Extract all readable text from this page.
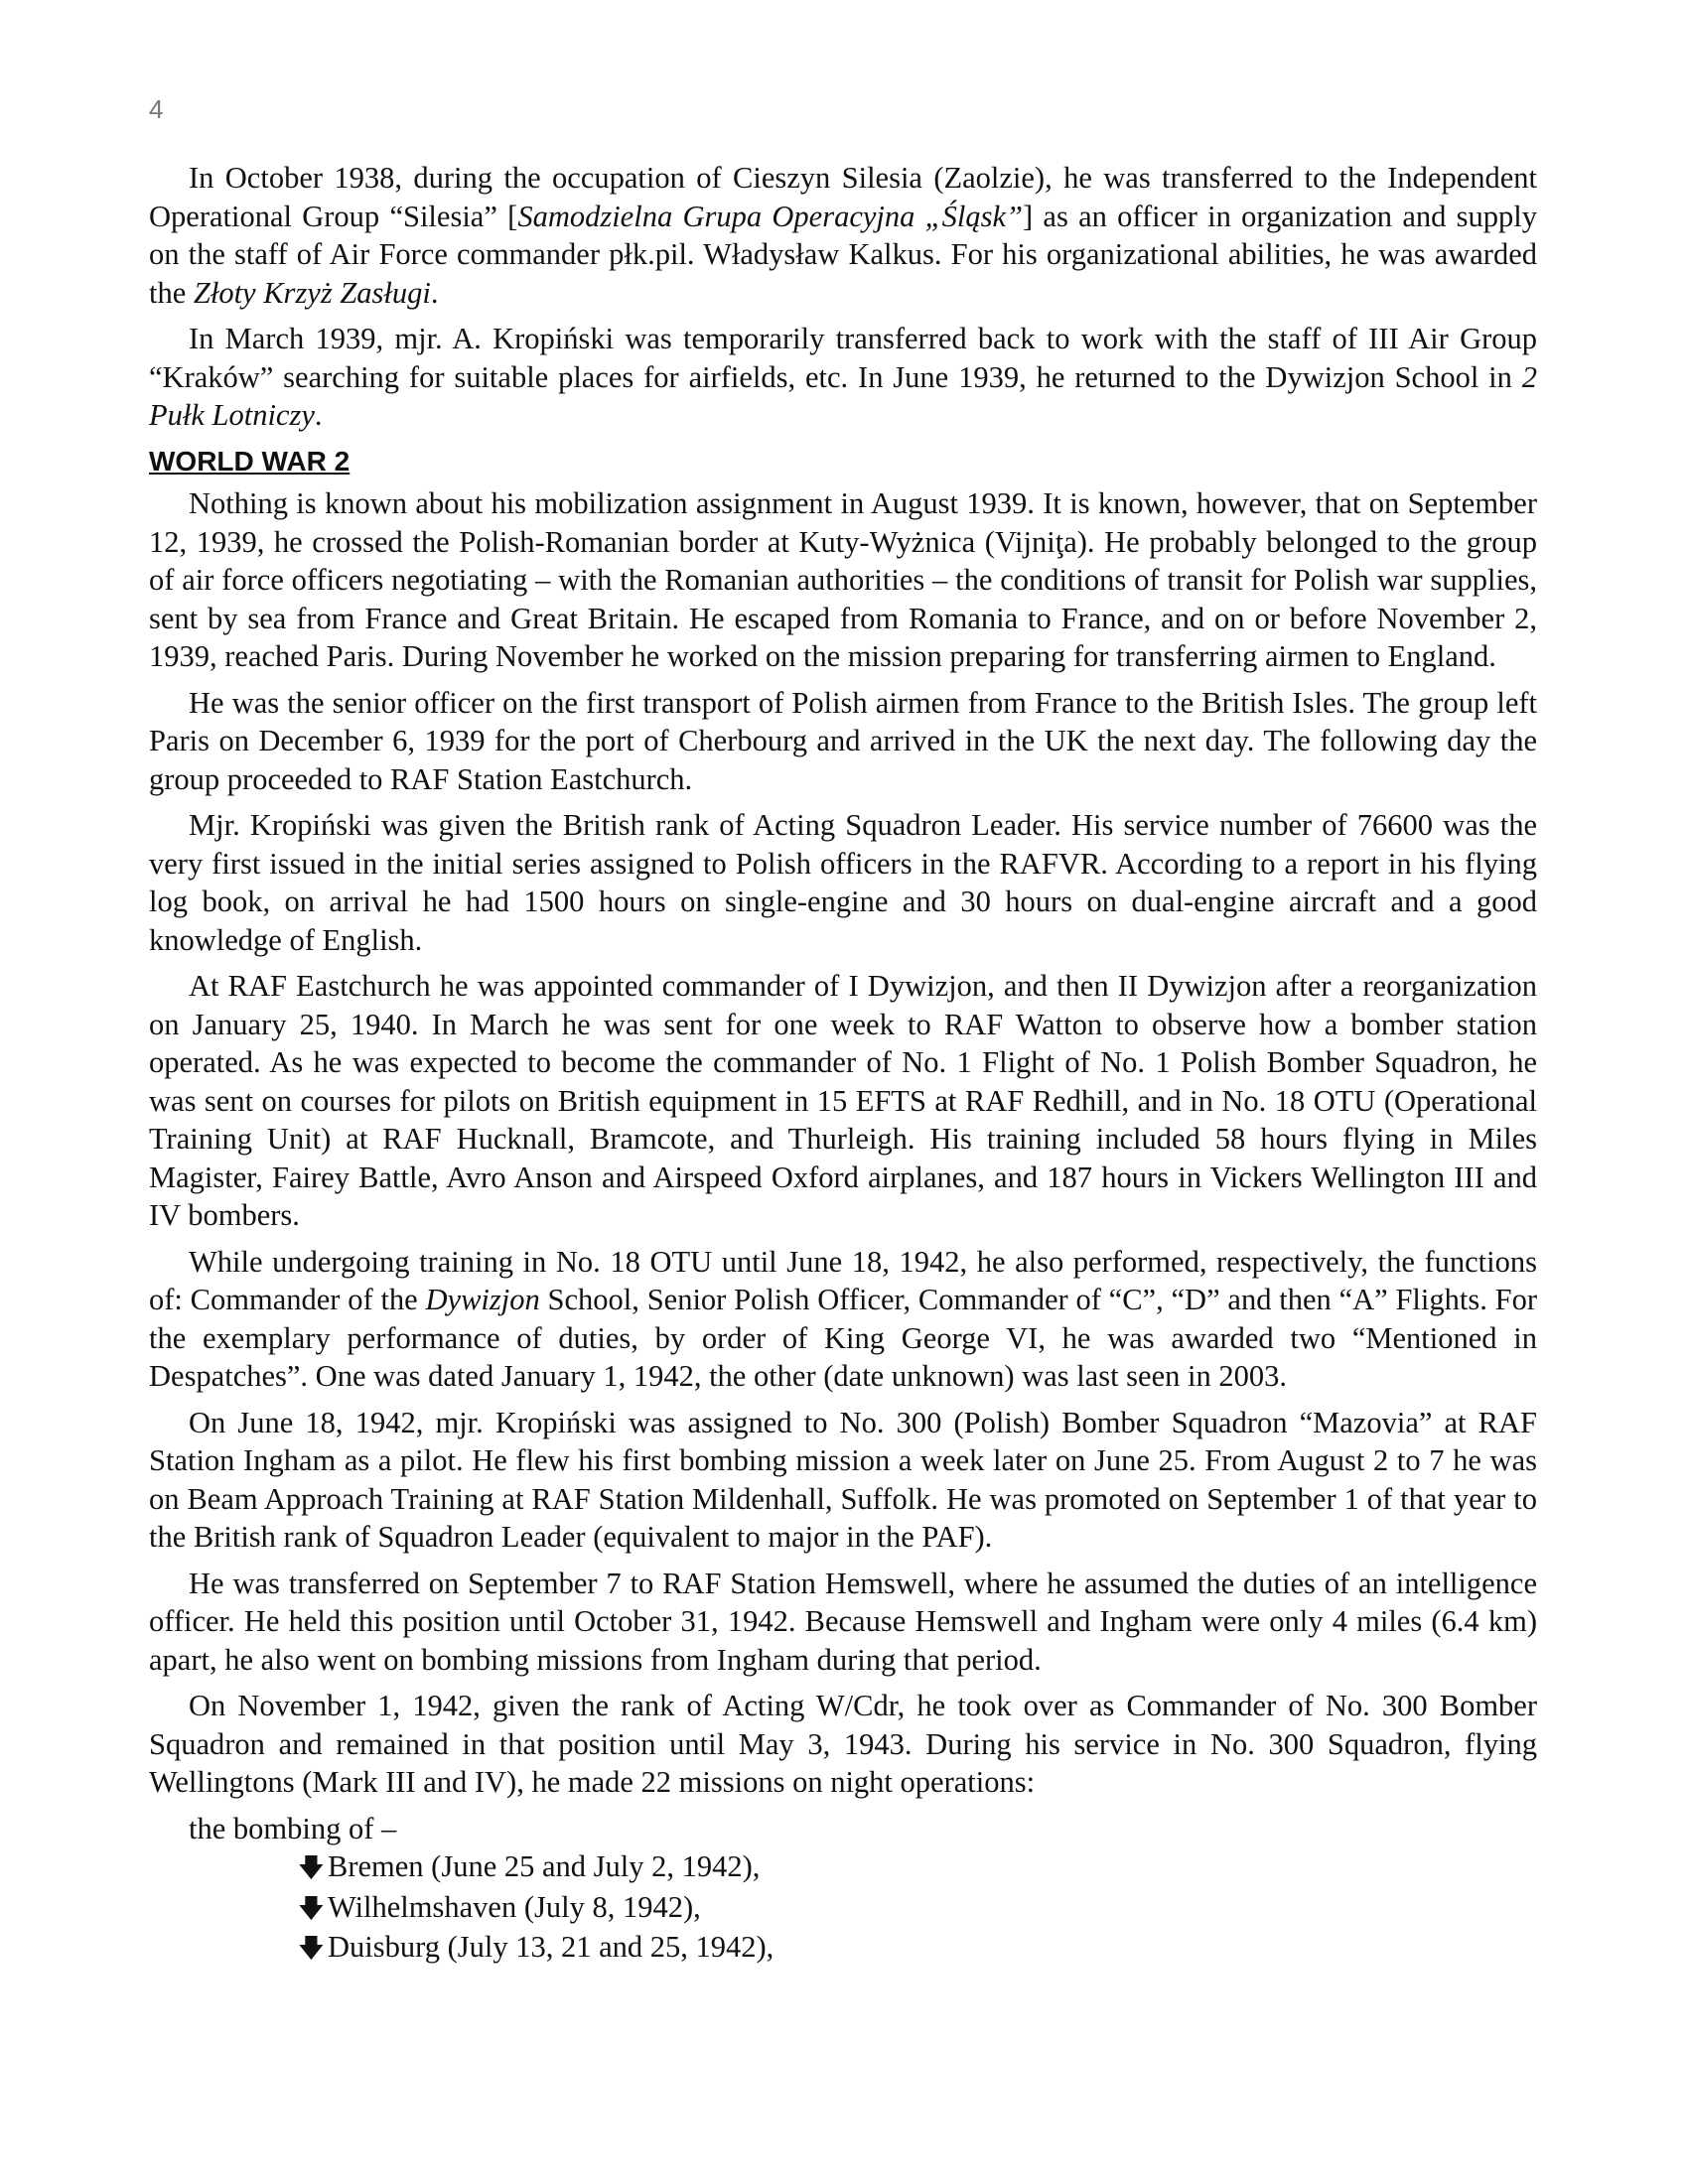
4

In October 1938, during the occupation of Cieszyn Silesia (Zaolzie), he was transferred to the Independent Operational Group “Silesia” [Samodzielna Grupa Operacyjna „Śląsk”] as an officer in organization and supply on the staff of Air Force commander płk.pil. Władysław Kalkus. For his organizational abilities, he was awarded the Złoty Krzyż Zasługi.

In March 1939, mjr. A. Kropiński was temporarily transferred back to work with the staff of III Air Group “Kraków” searching for suitable places for airfields, etc. In June 1939, he returned to the Dywizjon School in 2 Pułk Lotniczy.

WORLD WAR 2

Nothing is known about his mobilization assignment in August 1939. It is known, however, that on September 12, 1939, he crossed the Polish-Romanian border at Kuty-Wyżnica (Vijniţa). He probably belonged to the group of air force officers negotiating – with the Romanian authorities – the conditions of transit for Polish war supplies, sent by sea from France and Great Britain. He escaped from Romania to France, and on or before November 2, 1939, reached Paris. During November he worked on the mission preparing for transferring airmen to England.

He was the senior officer on the first transport of Polish airmen from France to the British Isles. The group left Paris on December 6, 1939 for the port of Cherbourg and arrived in the UK the next day. The following day the group proceeded to RAF Station Eastchurch.

Mjr. Kropiński was given the British rank of Acting Squadron Leader. His service number of 76600 was the very first issued in the initial series assigned to Polish officers in the RAFVR. According to a report in his flying log book, on arrival he had 1500 hours on single-engine and 30 hours on dual-engine aircraft and a good knowledge of English.

At RAF Eastchurch he was appointed commander of I Dywizjon, and then II Dywizjon after a reorganization on January 25, 1940. In March he was sent for one week to RAF Watton to observe how a bomber station operated. As he was expected to become the commander of No. 1 Flight of No. 1 Polish Bomber Squadron, he was sent on courses for pilots on British equipment in 15 EFTS at RAF Redhill, and in No. 18 OTU (Operational Training Unit) at RAF Hucknall, Bramcote, and Thurleigh. His training included 58 hours flying in Miles Magister, Fairey Battle, Avro Anson and Airspeed Oxford airplanes, and 187 hours in Vickers Wellington III and IV bombers.

While undergoing training in No. 18 OTU until June 18, 1942, he also performed, respectively, the functions of: Commander of the Dywizjon School, Senior Polish Officer, Commander of “C”, “D” and then “A” Flights. For the exemplary performance of duties, by order of King George VI, he was awarded two “Mentioned in Despatches”. One was dated January 1, 1942, the other (date unknown) was last seen in 2003.

On June 18, 1942, mjr. Kropiński was assigned to No. 300 (Polish) Bomber Squadron “Mazovia” at RAF Station Ingham as a pilot. He flew his first bombing mission a week later on June 25. From August 2 to 7 he was on Beam Approach Training at RAF Station Mildenhall, Suffolk. He was promoted on September 1 of that year to the British rank of Squadron Leader (equivalent to major in the PAF).

He was transferred on September 7 to RAF Station Hemswell, where he assumed the duties of an intelligence officer. He held this position until October 31, 1942. Because Hemswell and Ingham were only 4 miles (6.4 km) apart, he also went on bombing missions from Ingham during that period.

On November 1, 1942, given the rank of Acting W/Cdr, he took over as Commander of No. 300 Bomber Squadron and remained in that position until May 3, 1943. During his service in No. 300 Squadron, flying Wellingtons (Mark III and IV), he made 22 missions on night operations:

the bombing of –

🡇 Bremen (June 25 and July 2, 1942),
🡇 Wilhelmshaven (July 8, 1942),
🡇 Duisburg (July 13, 21 and 25, 1942),
